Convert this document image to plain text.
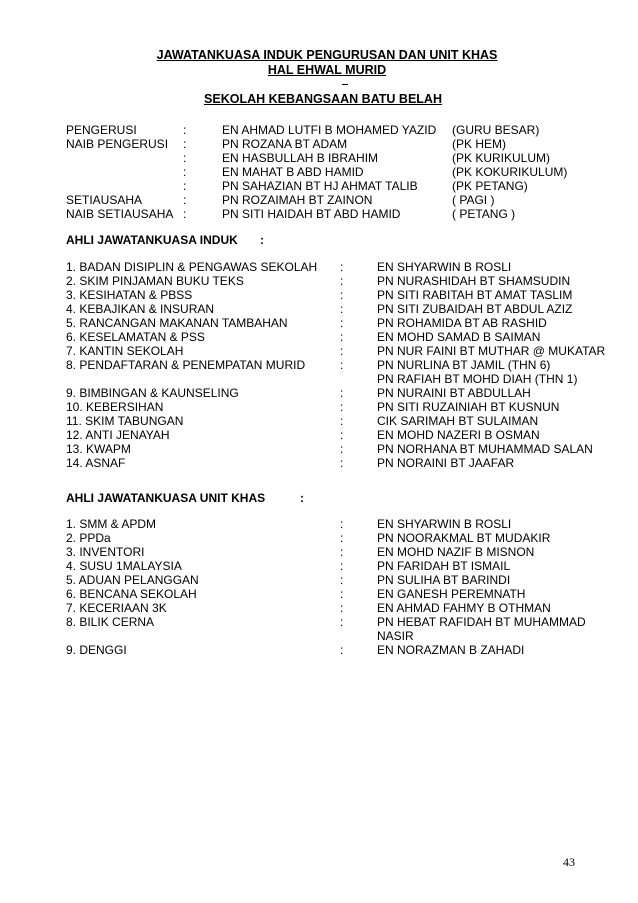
JAWATANKUASA INDUK PENGURUSAN DAN UNIT KHAS
HAL EHWAL MURID
SEKOLAH KEBANGSAAN BATU BELAH
PENGERUSI	:	EN AHMAD LUTFI B MOHAMED YAZID (GURU BESAR)
NAIB PENGERUSI :	PN ROZANA BT ADAM	(PK HEM)
:	EN HASBULLAH B IBRAHIM	(PK KURIKULUM)
:	EN MAHAT B ABD HAMID	(PK KOKURIKULUM)
:	PN SAHAZIAN BT HJ AHMAT TALIB	(PK PETANG)
SETIAUSAHA	:	PN ROZAIMAH BT ZAINON	( PAGI )
NAIB SETIAUSAHA :	PN SITI HAIDAH BT ABD HAMID	( PETANG )
AHLI JAWATANKUASA INDUK :
1. BADAN DISIPLIN & PENGAWAS SEKOLAH :	EN SHYARWIN B ROSLI
2. SKIM PINJAMAN BUKU TEKS	:	PN NURASHIDAH BT SHAMSUDIN
3. KESIHATAN & PBSS	:	PN SITI RABITAH BT AMAT TASLIM
4. KEBAJIKAN & INSURAN	:	PN SITI ZUBAIDAH BT ABDUL AZIZ
5. RANCANGAN MAKANAN TAMBAHAN	:	PN ROHAMIDA BT AB RASHID
6. KESELAMATAN & PSS	:	EN MOHD SAMAD B SAIMAN
7. KANTIN SEKOLAH	:	PN NUR FAINI BT MUTHAR @ MUKATAR
8. PENDAFTARAN & PENEMPATAN MURID	:	PN NURLINA BT JAMIL (THN 6)
PN RAFIAH BT MOHD DIAH (THN 1)
9. BIMBINGAN & KAUNSELING	:	PN NURAINI BT ABDULLAH
10. KEBERSIHAN	:	PN SITI RUZAINIAH BT KUSNUN
11. SKIM TABUNGAN	:	CIK SARIMAH BT SULAIMAN
12. ANTI JENAYAH	:	EN MOHD NAZERI B OSMAN
13. KWAPM	:	PN NORHANA BT MUHAMMAD SALAN
14. ASNAF	:	PN NORAINI BT JAAFAR
AHLI JAWATANKUASA UNIT KHAS	:
1. SMM & APDM	:	EN SHYARWIN B ROSLI
2. PPDa	:	PN NOORAKMAL BT MUDAKIR
3. INVENTORI	:	EN MOHD NAZIF B MISNON
4. SUSU 1MALAYSIA	:	PN FARIDAH BT ISMAIL
5. ADUAN PELANGGAN	:	PN SULIHA BT BARINDI
6. BENCANA SEKOLAH	:	EN GANESH PEREMNATH
7. KECERIAAN 3K	:	EN AHMAD FAHMY B OTHMAN
8. BILIK CERNA	:	PN HEBAT RAFIDAH BT MUHAMMAD
NASIR
9. DENGGI	:	EN NORAZMAN B ZAHADI
43
